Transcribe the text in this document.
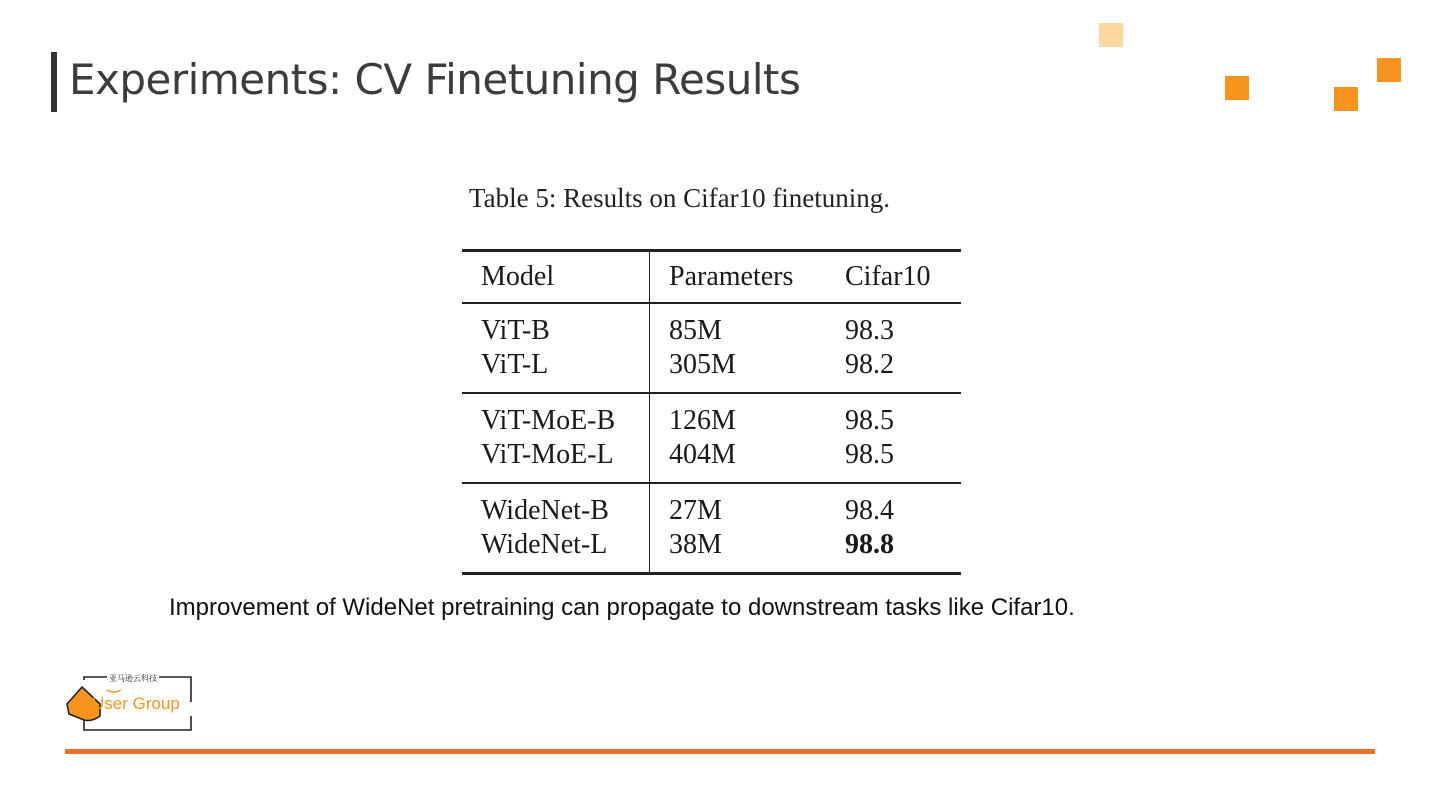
Experiments: CV Finetuning Results

Table 5: Results on Cifar10 finetuning.

Model	Parameters	Cifar10
ViT-B	85M	98.3
ViT-L	305M	98.2
ViT-MoE-B	126M	98.5
ViT-MoE-L	404M	98.5
WideNet-B	27M	98.4
WideNet-L	38M	98.8

Improvement of WideNet pretraining can propagate to downstream tasks like Cifar10.

亚马逊云科技
User Group
